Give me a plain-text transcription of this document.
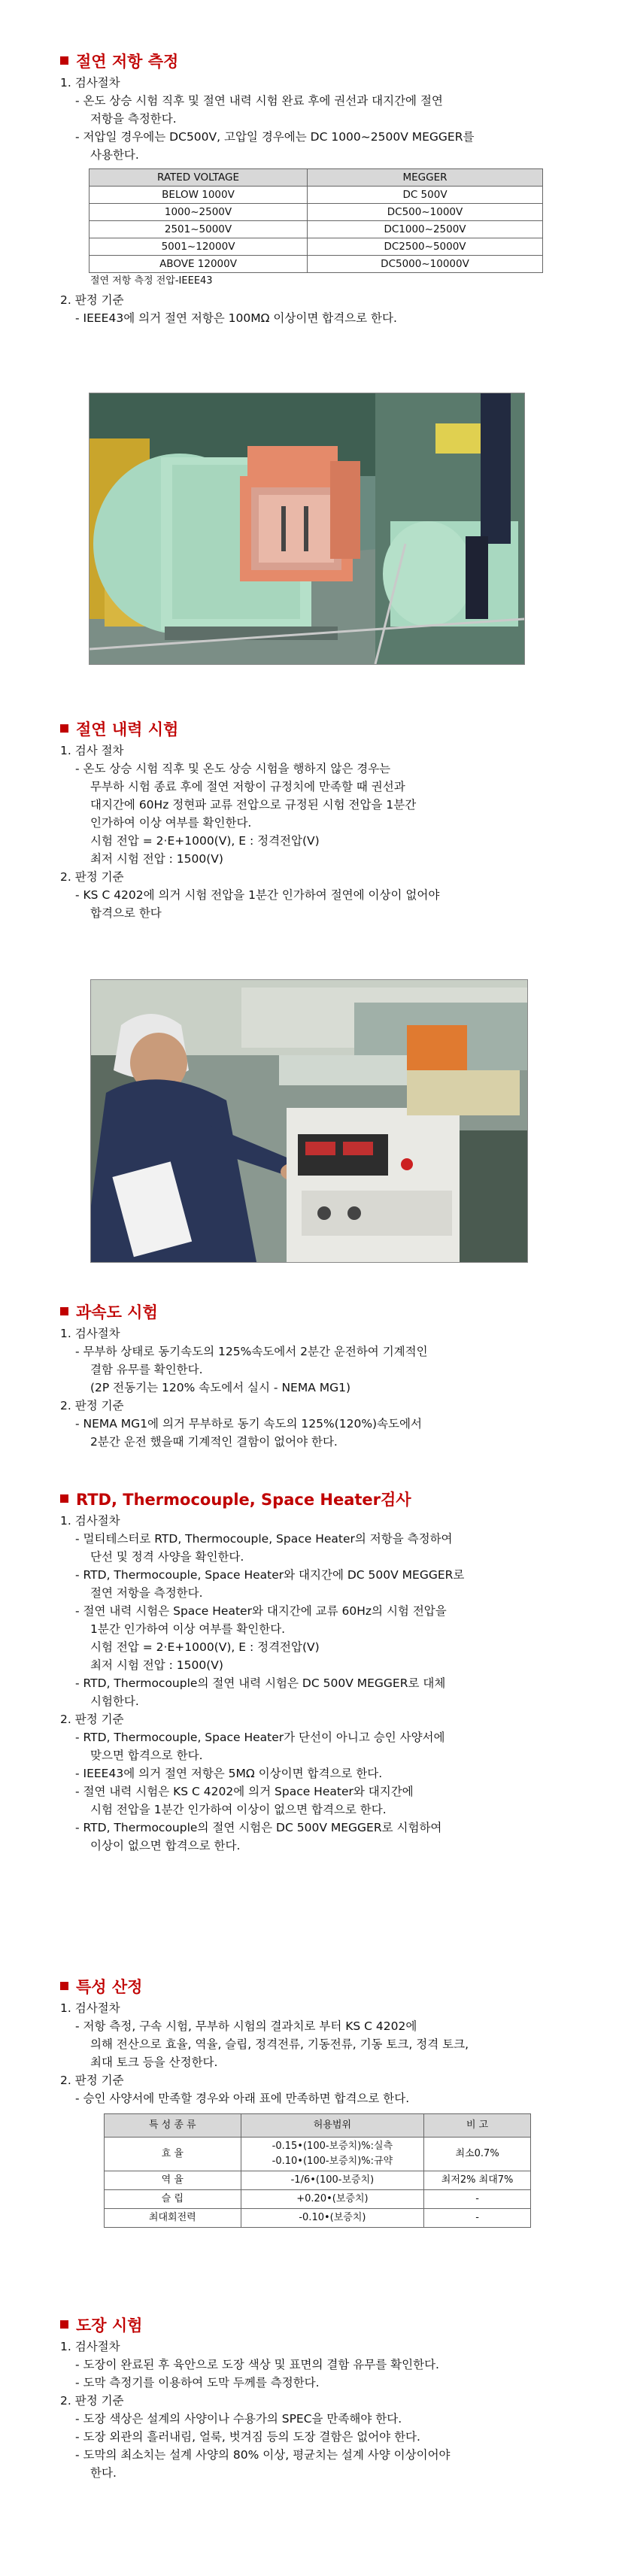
절연 저항 측정
1. 검사절차
- 온도 상승 시험 직후 및 절연 내력 시험 완료 후에 권선과 대지간에 절연
저항을 측정한다.
- 저압일 경우에는 DC500V, 고압일 경우에는 DC 1000~2500V MEGGER를
사용한다.
RATED VOLTAGE	MEGGER
BELOW 1000V	DC 500V
1000~2500V	DC500~1000V
2501~5000V	DC1000~2500V
5001~12000V	DC2500~5000V
ABOVE 12000V	DC5000~10000V
절연 저항 측정 전압-IEEE43
2. 판정 기준
- IEEE43에 의거 절연 저항은 100MΩ 이상이면 합격으로 한다.
절연 내력 시험
1. 검사 절차
- 온도 상승 시험 직후 및 온도 상승 시험을 행하지 않은 경우는
무부하 시험 종료 후에 절연 저항이 규정치에 만족할 때 권선과
대지간에 60Hz 정현파 교류 전압으로 규정된 시험 전압을 1분간
인가하여 이상 여부를 확인한다.
시험 전압 = 2·E+1000(V), E : 정격전압(V)
최저 시험 전압 : 1500(V)
2. 판정 기준
- KS C 4202에 의거 시험 전압을 1분간 인가하여 절연에 이상이 없어야
합격으로 한다
과속도 시험
1. 검사절차
- 무부하 상태로 동기속도의 125%속도에서 2분간 운전하여 기계적인
결함 유무를 확인한다.
(2P 전동기는 120% 속도에서 실시 - NEMA MG1)
2. 판정 기준
- NEMA MG1에 의거 무부하로 동기 속도의 125%(120%)속도에서
2분간 운전 했을때 기계적인 결함이 없어야 한다.
RTD, Thermocouple, Space Heater검사
1. 검사절차
- 멀티테스터로 RTD, Thermocouple, Space Heater의 저항을 측정하여
단선 및 정격 사양을 확인한다.
- RTD, Thermocouple, Space Heater와 대지간에 DC 500V MEGGER로
절연 저항을 측정한다.
- 절연 내력 시험은 Space Heater와 대지간에 교류 60Hz의 시험 전압을
1분간 인가하여 이상 여부를 확인한다.
시험 전압 = 2·E+1000(V), E : 정격전압(V)
최저 시험 전압 : 1500(V)
- RTD, Thermocouple의 절연 내력 시험은 DC 500V MEGGER로 대체
시험한다.
2. 판정 기준
- RTD, Thermocouple, Space Heater가 단선이 아니고 승인 사양서에
맞으면 합격으로 한다.
- IEEE43에 의거 절연 저항은 5MΩ 이상이면 합격으로 한다.
- 절연 내력 시험은 KS C 4202에 의거 Space Heater와 대지간에
시험 전압을 1분간 인가하여 이상이 없으면 합격으로 한다.
- RTD, Thermocouple의 절연 시험은 DC 500V MEGGER로 시험하여
이상이 없으면 합격으로 한다.
특성 산정
1. 검사절차
- 저항 측정, 구속 시험, 무부하 시험의 결과치로 부터 KS C 4202에
의해 전산으로 효율, 역율, 슬립, 정격전류, 기동전류, 기동 토크, 정격 토크,
최대 토크 등을 산정한다.
2. 판정 기준
- 승인 사양서에 만족할 경우와 아래 표에 만족하면 합격으로 한다.
특 성 종 류	허용범위	비 고
효 율	-0.15•(100-보증치)%:실측
-0.10•(100-보증치)%:규약	최소0.7%
역 율	-1/6•(100-보증치)	최저2% 최대7%
슬 립	+0.20•(보증치)	-
최대회전력	-0.10•(보증치)	-
도장 시험
1. 검사절차
- 도장이 완료된 후 육안으로 도장 색상 및 표면의 결함 유무를 확인한다.
- 도막 측정기를 이용하여 도막 두께를 측정한다.
2. 판정 기준
- 도장 색상은 설계의 사양이나 수용가의 SPEC을 만족해야 한다.
- 도장 외관의 흘러내림, 얼룩, 벗겨짐 등의 도장 결함은 없어야 한다.
- 도막의 최소치는 설계 사양의 80% 이상, 평균치는 설계 사양 이상이어야
한다.
